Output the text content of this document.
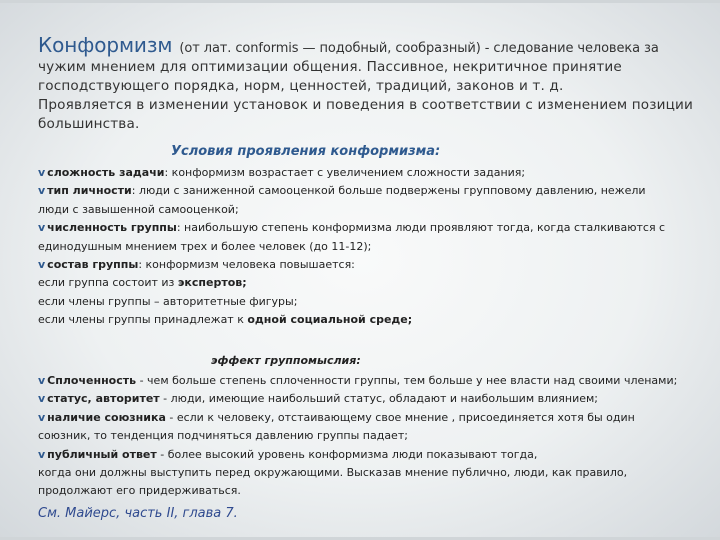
Конформизм (от лат. conformis — подобный, сообразный) - следование человека за

чужим мнением для оптимизации общения. Пассивное, некритичное принятие господствующего порядка, норм, ценностей, традиций, законов и т. д.

Проявляется в изменении установок и поведения в соответствии с изменением позиции большинства.

Условия проявления конформизма:
v сложность задачи: конформизм возрастает с увеличением сложности задания;
v тип личности: люди с заниженной самооценкой больше подвержены групповому давлению, нежели
люди с завышенной самооценкой;
v численность группы: наибольшую степень конформизма люди проявляют тогда, когда сталкиваются с
единодушным мнением трех и более человек (до 11-12);
v состав группы: конформизм человека повышается:
если группа состоит из экспертов;
если члены группы – авторитетные фигуры;
если члены группы принадлежат к одной социальной среде;
эффект группомыслия:
v Сплоченность - чем больше степень сплоченности группы, тем больше у нее власти над своими членами;
v статус, авторитет - люди, имеющие наибольший статус, обладают и наибольшим влиянием;
v наличие союзника - если к человеку, отстаивающему свое мнение , присоединяется хотя бы один
союзник, то тенденция подчиняться давлению группы падает;
v публичный ответ - более высокий уровень конформизма люди показывают тогда,
когда они должны выступить перед окружающими. Высказав мнение публично, люди, как правило,
продолжают его придерживаться.
См. Майерс, часть II, глава 7.
